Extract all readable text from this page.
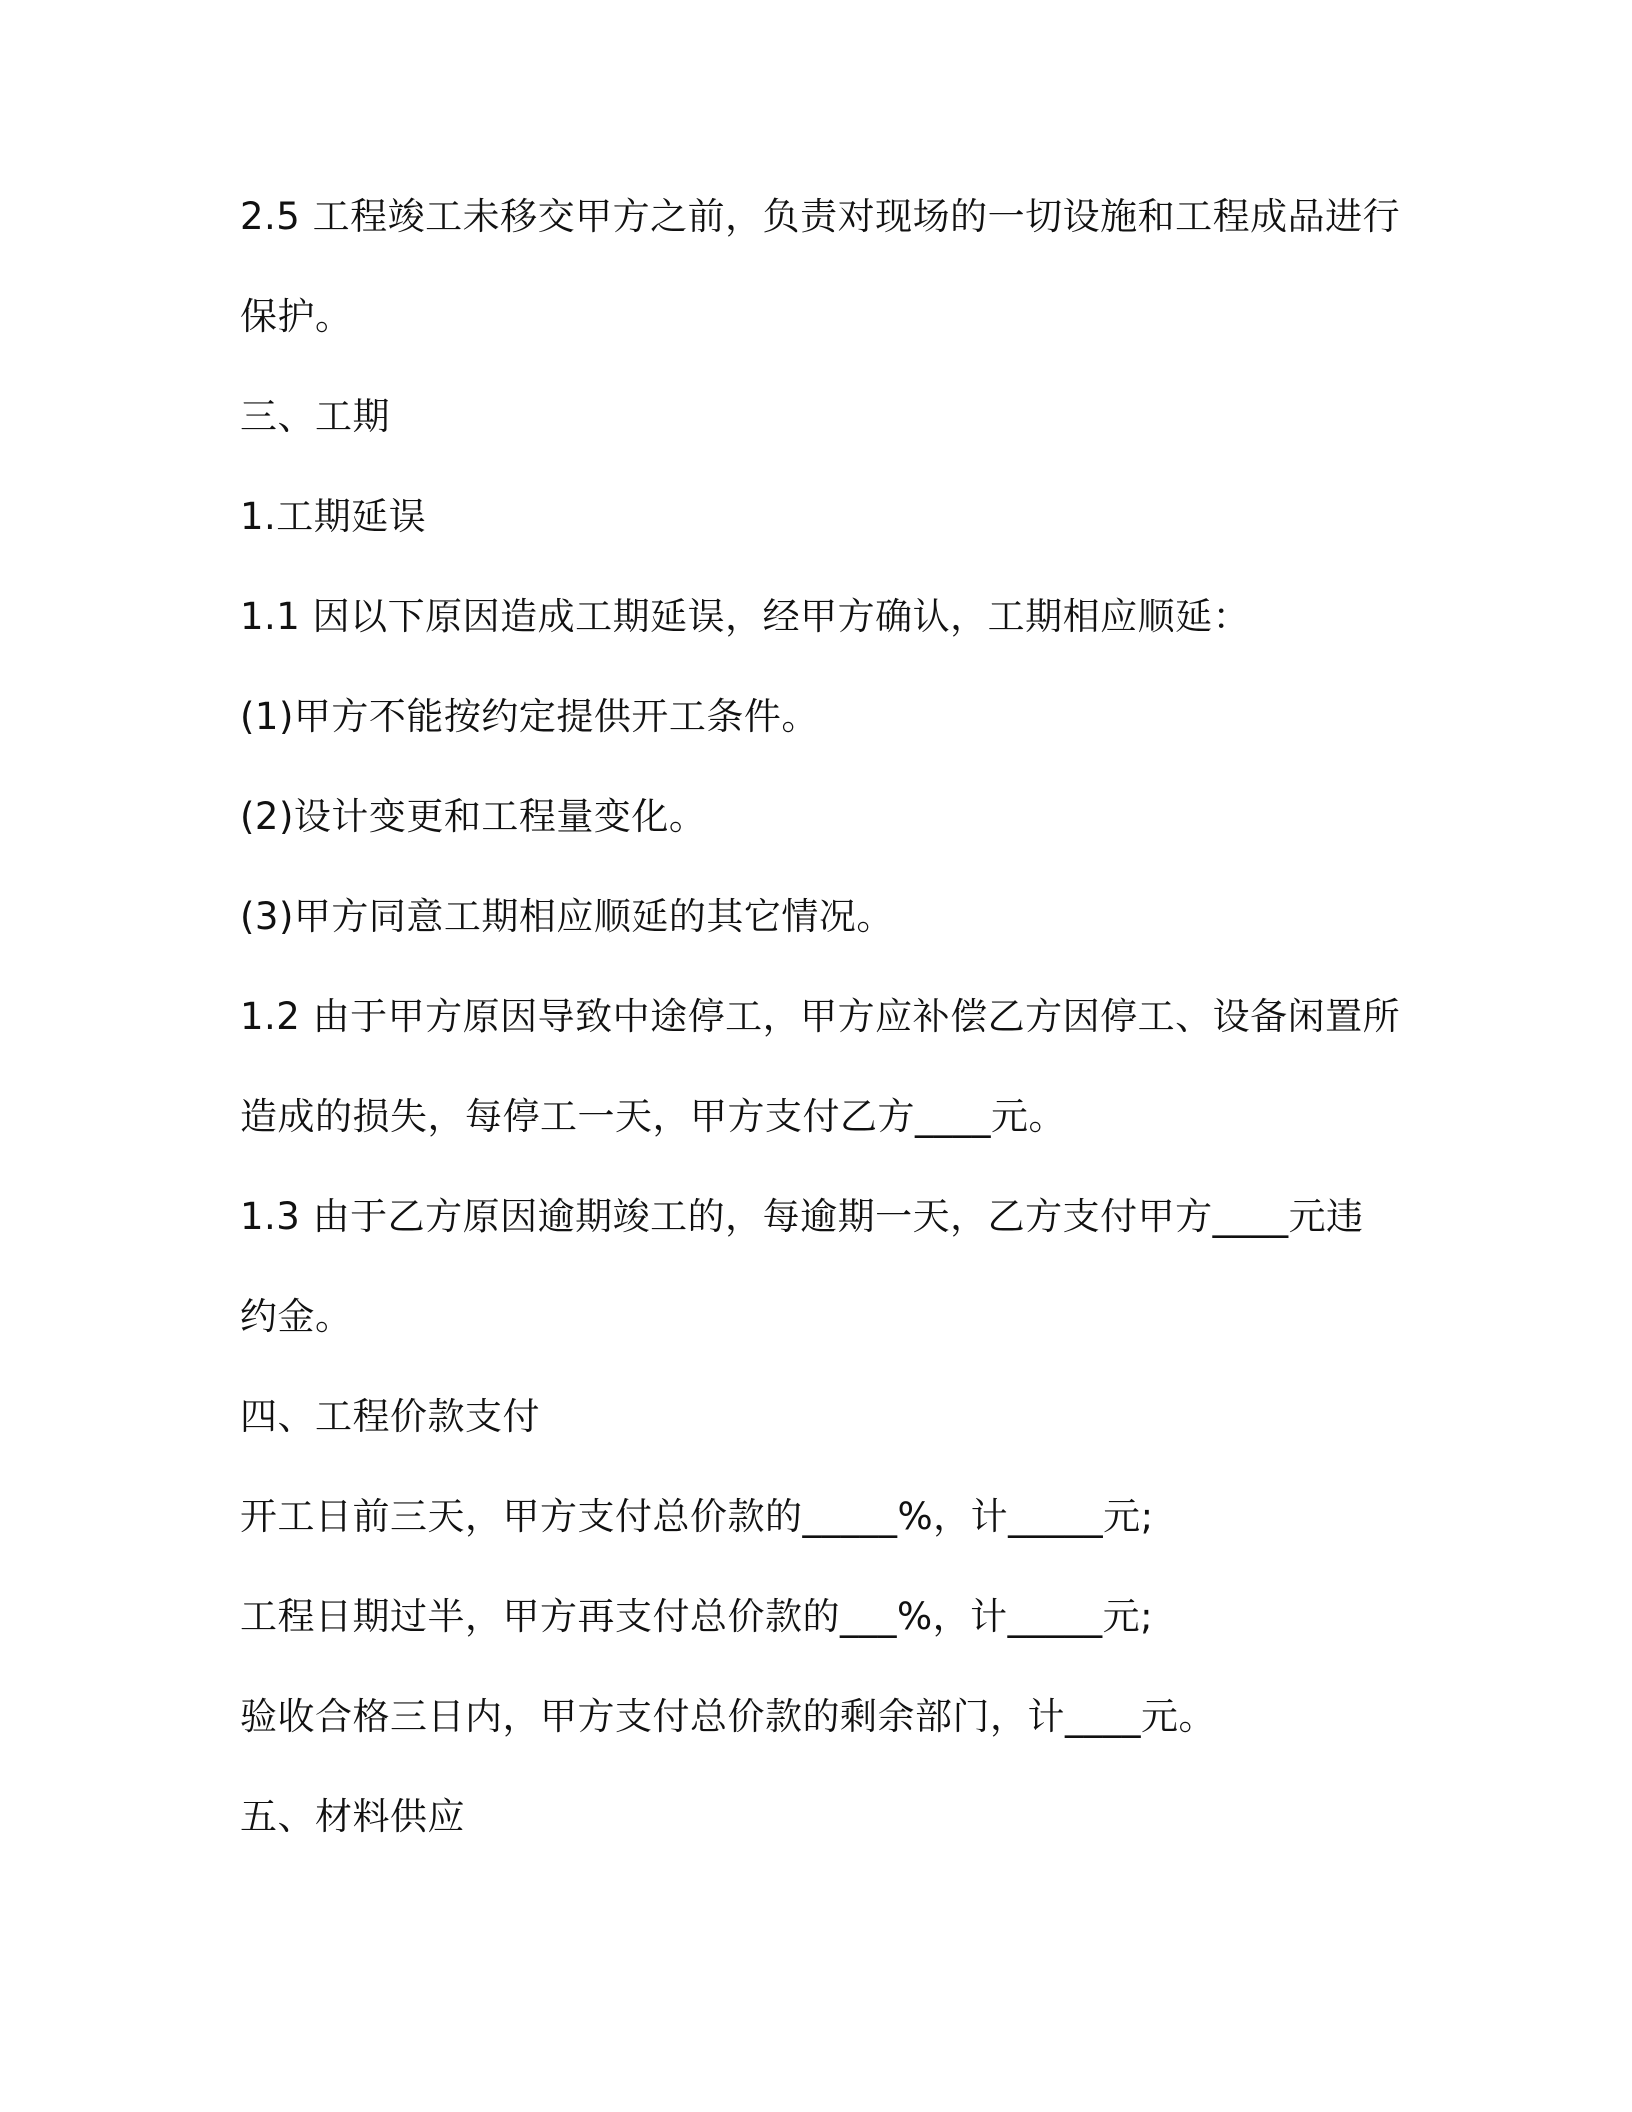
2.5 工程竣工未移交甲方之前，负责对现场的一切设施和工程成品进行
保护。
三、工期
1.工期延误
1.1 因以下原因造成工期延误，经甲方确认，工期相应顺延：
(1)甲方不能按约定提供开工条件。
(2)设计变更和工程量变化。
(3)甲方同意工期相应顺延的其它情况。
1.2 由于甲方原因导致中途停工，甲方应补偿乙方因停工、设备闲置所
造成的损失，每停工一天，甲方支付乙方____元。
1.3 由于乙方原因逾期竣工的，每逾期一天，乙方支付甲方____元违
约金。
四、工程价款支付
开工日前三天，甲方支付总价款的_____%，计_____元;
工程日期过半，甲方再支付总价款的___%，计_____元;
验收合格三日内，甲方支付总价款的剩余部门，计____元。
五、材料供应
